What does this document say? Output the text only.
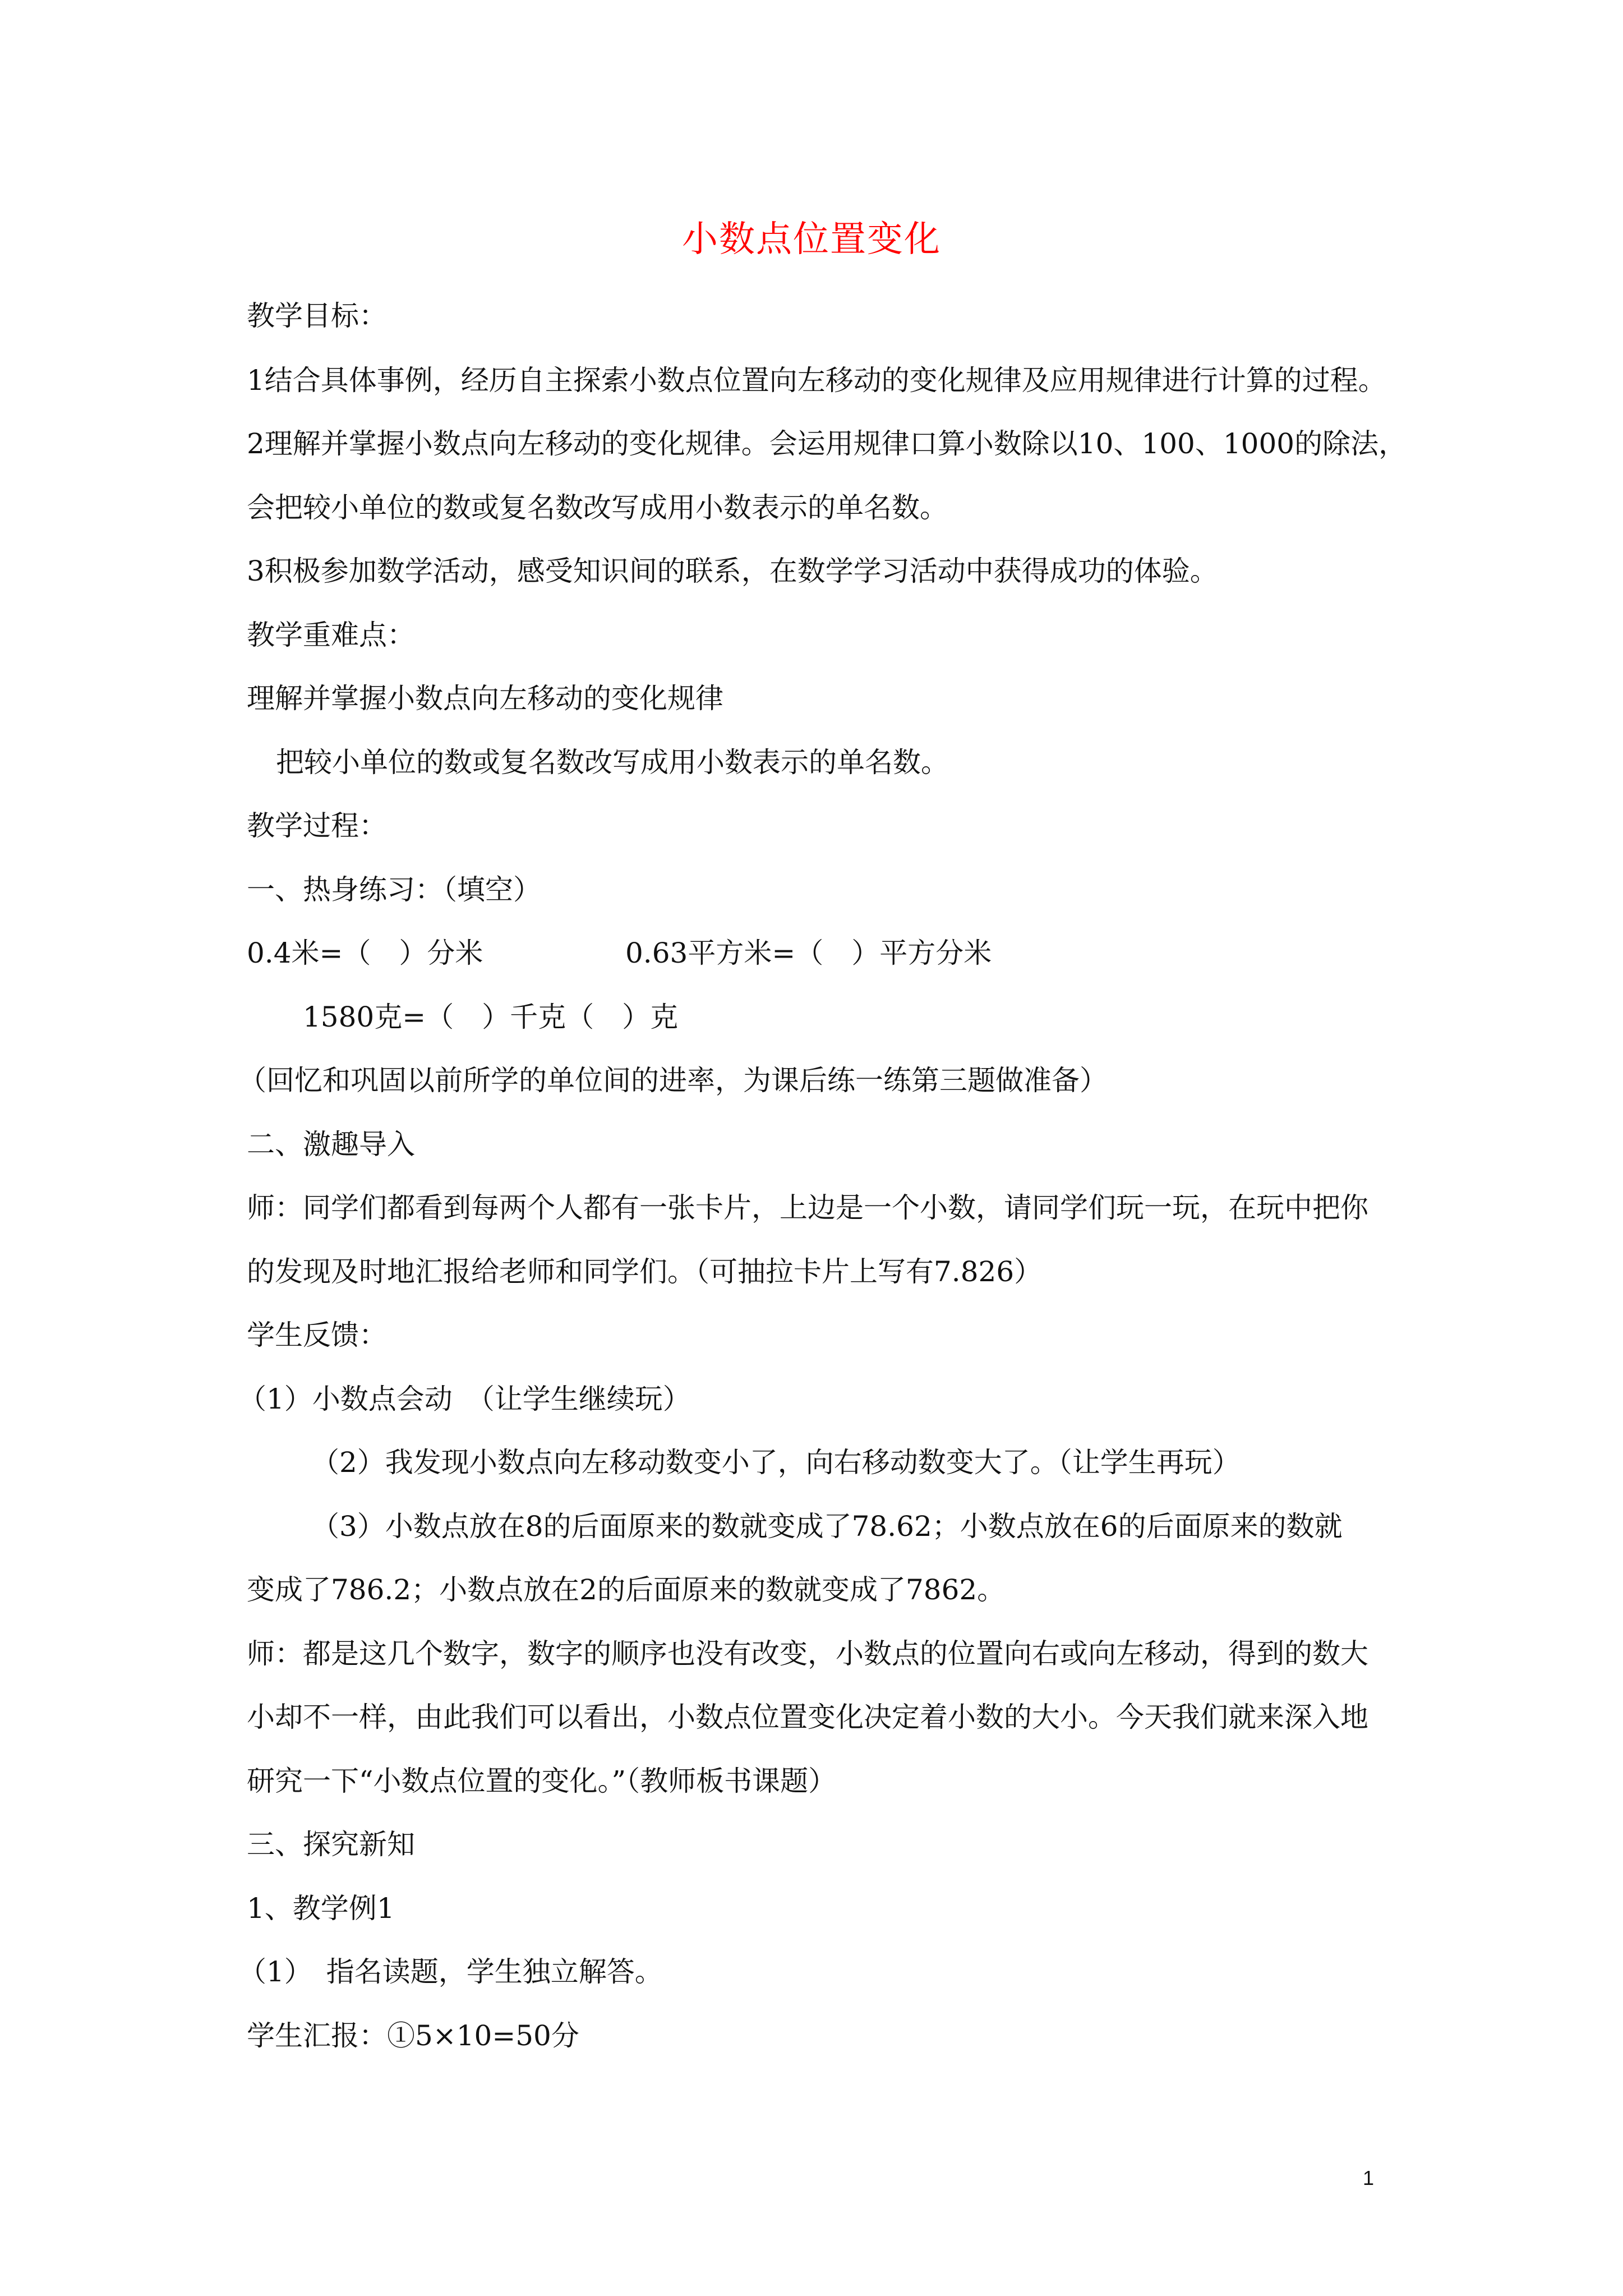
小数点位置变化
教学目标：
1结合具体事例，经历自主探索小数点位置向左移动的变化规律及应用规律进行计算的过程。
2理解并掌握小数点向左移动的变化规律。会运用规律口算小数除以10、100、1000的除法，
会把较小单位的数或复名数改写成用小数表示的单名数。
3积极参加数学活动，感受知识间的联系，在数学学习活动中获得成功的体验。
教学重难点：
理解并掌握小数点向左移动的变化规律
把较小单位的数或复名数改写成用小数表示的单名数。
教学过程：
一、热身练习：（填空）
0.4米=（　）分米	0.63平方米=（　）平方分米
1580克=（　）千克（　）克
（回忆和巩固以前所学的单位间的进率，为课后练一练第三题做准备）
二、激趣导入
师：同学们都看到每两个人都有一张卡片，上边是一个小数，请同学们玩一玩，在玩中把你
的发现及时地汇报给老师和同学们。（可抽拉卡片上写有7.826）
学生反馈：
（1）小数点会动　（让学生继续玩）
（2）我发现小数点向左移动数变小了，向右移动数变大了。（让学生再玩）
（3）小数点放在8的后面原来的数就变成了78.62；小数点放在6的后面原来的数就
变成了786.2；小数点放在2的后面原来的数就变成了7862。
师：都是这几个数字，数字的顺序也没有改变，小数点的位置向右或向左移动，得到的数大
小却不一样，由此我们可以看出，小数点位置变化决定着小数的大小。今天我们就来深入地
研究一下“小数点位置的变化。”（教师板书课题）
三、探究新知
1、教学例1
（1）　指名读题，学生独立解答。
学生汇报：①5×10=50分
1
